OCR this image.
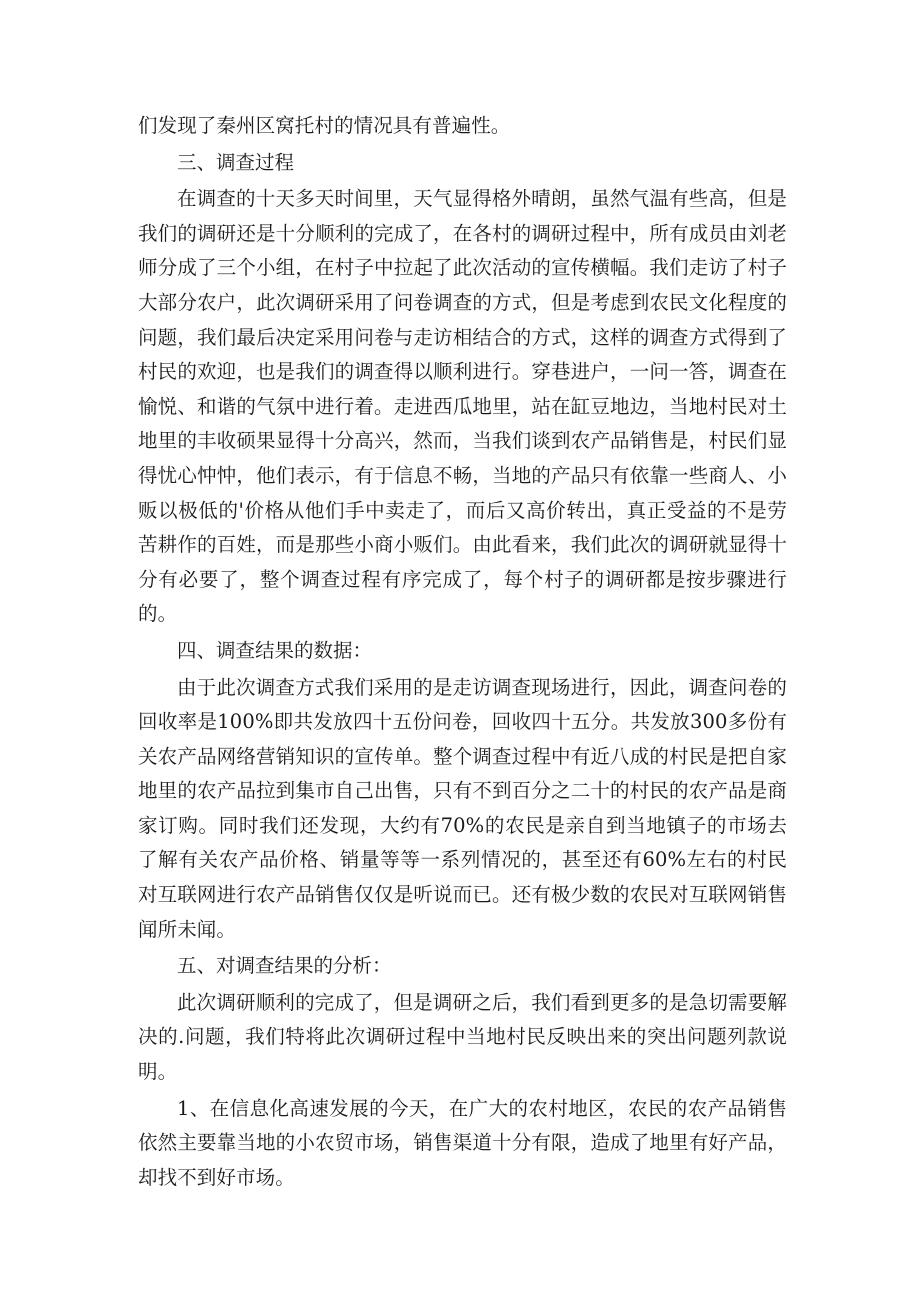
们发现了秦州区窝托村的情况具有普遍性。

三、调查过程

在调查的十天多天时间里，天气显得格外晴朗，虽然气温有些高，但是我们的调研还是十分顺利的完成了，在各村的调研过程中，所有成员由刘老师分成了三个小组，在村子中拉起了此次活动的宣传横幅。我们走访了村子大部分农户，此次调研采用了问卷调查的方式，但是考虑到农民文化程度的问题，我们最后决定采用问卷与走访相结合的方式，这样的调查方式得到了村民的欢迎，也是我们的调查得以顺利进行。穿巷进户，一问一答，调查在愉悦、和谐的气氛中进行着。走进西瓜地里，站在缸豆地边，当地村民对土地里的丰收硕果显得十分高兴，然而，当我们谈到农产品销售是，村民们显得忧心忡忡，他们表示，有于信息不畅，当地的产品只有依靠一些商人、小贩以极低的'价格从他们手中卖走了，而后又高价转出，真正受益的不是劳苦耕作的百姓，而是那些小商小贩们。由此看来，我们此次的调研就显得十分有必要了，整个调查过程有序完成了，每个村子的调研都是按步骤进行的。

四、调查结果的数据：

由于此次调查方式我们采用的是走访调查现场进行，因此，调查问卷的回收率是100%即共发放四十五份问卷，回收四十五分。共发放300多份有关农产品网络营销知识的宣传单。整个调查过程中有近八成的村民是把自家地里的农产品拉到集市自己出售，只有不到百分之二十的村民的农产品是商家订购。同时我们还发现，大约有70%的农民是亲自到当地镇子的市场去了解有关农产品价格、销量等等一系列情况的，甚至还有60%左右的村民对互联网进行农产品销售仅仅是听说而已。还有极少数的农民对互联网销售闻所未闻。

五、对调查结果的分析：

此次调研顺利的完成了，但是调研之后，我们看到更多的是急切需要解决的.问题，我们特将此次调研过程中当地村民反映出来的突出问题列款说明。

1、在信息化高速发展的今天，在广大的农村地区，农民的农产品销售依然主要靠当地的小农贸市场，销售渠道十分有限，造成了地里有好产品，却找不到好市场。
